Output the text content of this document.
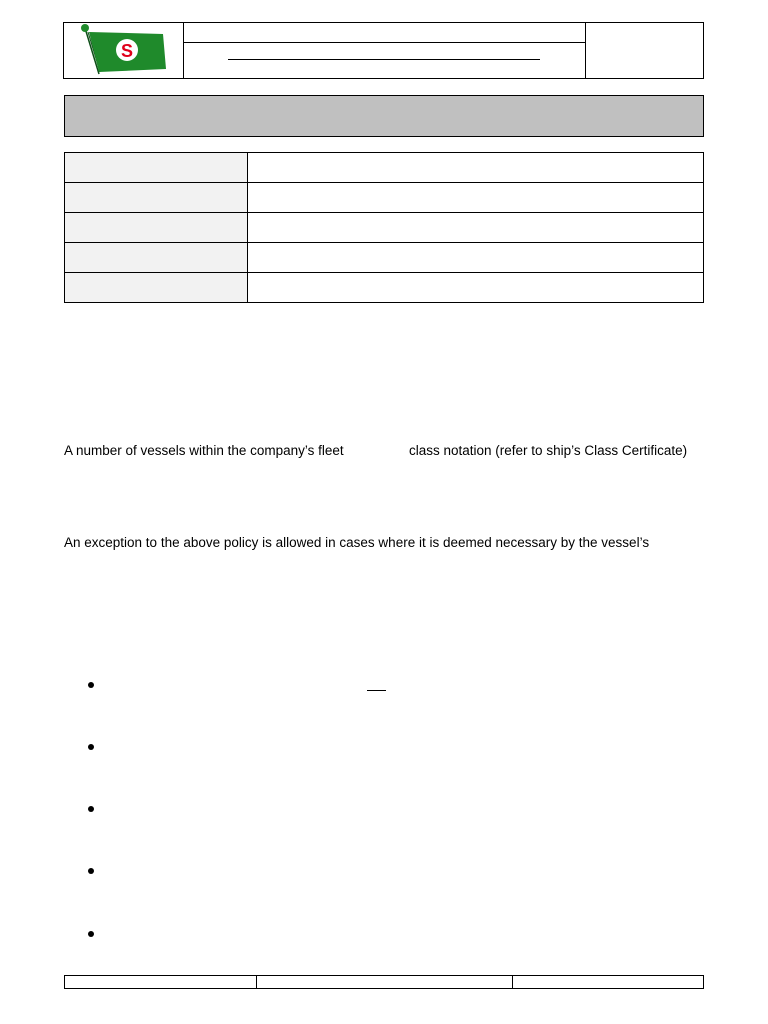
S

A number of vessels within the company’s fleet	class notation (refer to ship’s Class Certificate)
An exception to the above policy is allowed in cases where it is deemed necessary by the vessel’s
